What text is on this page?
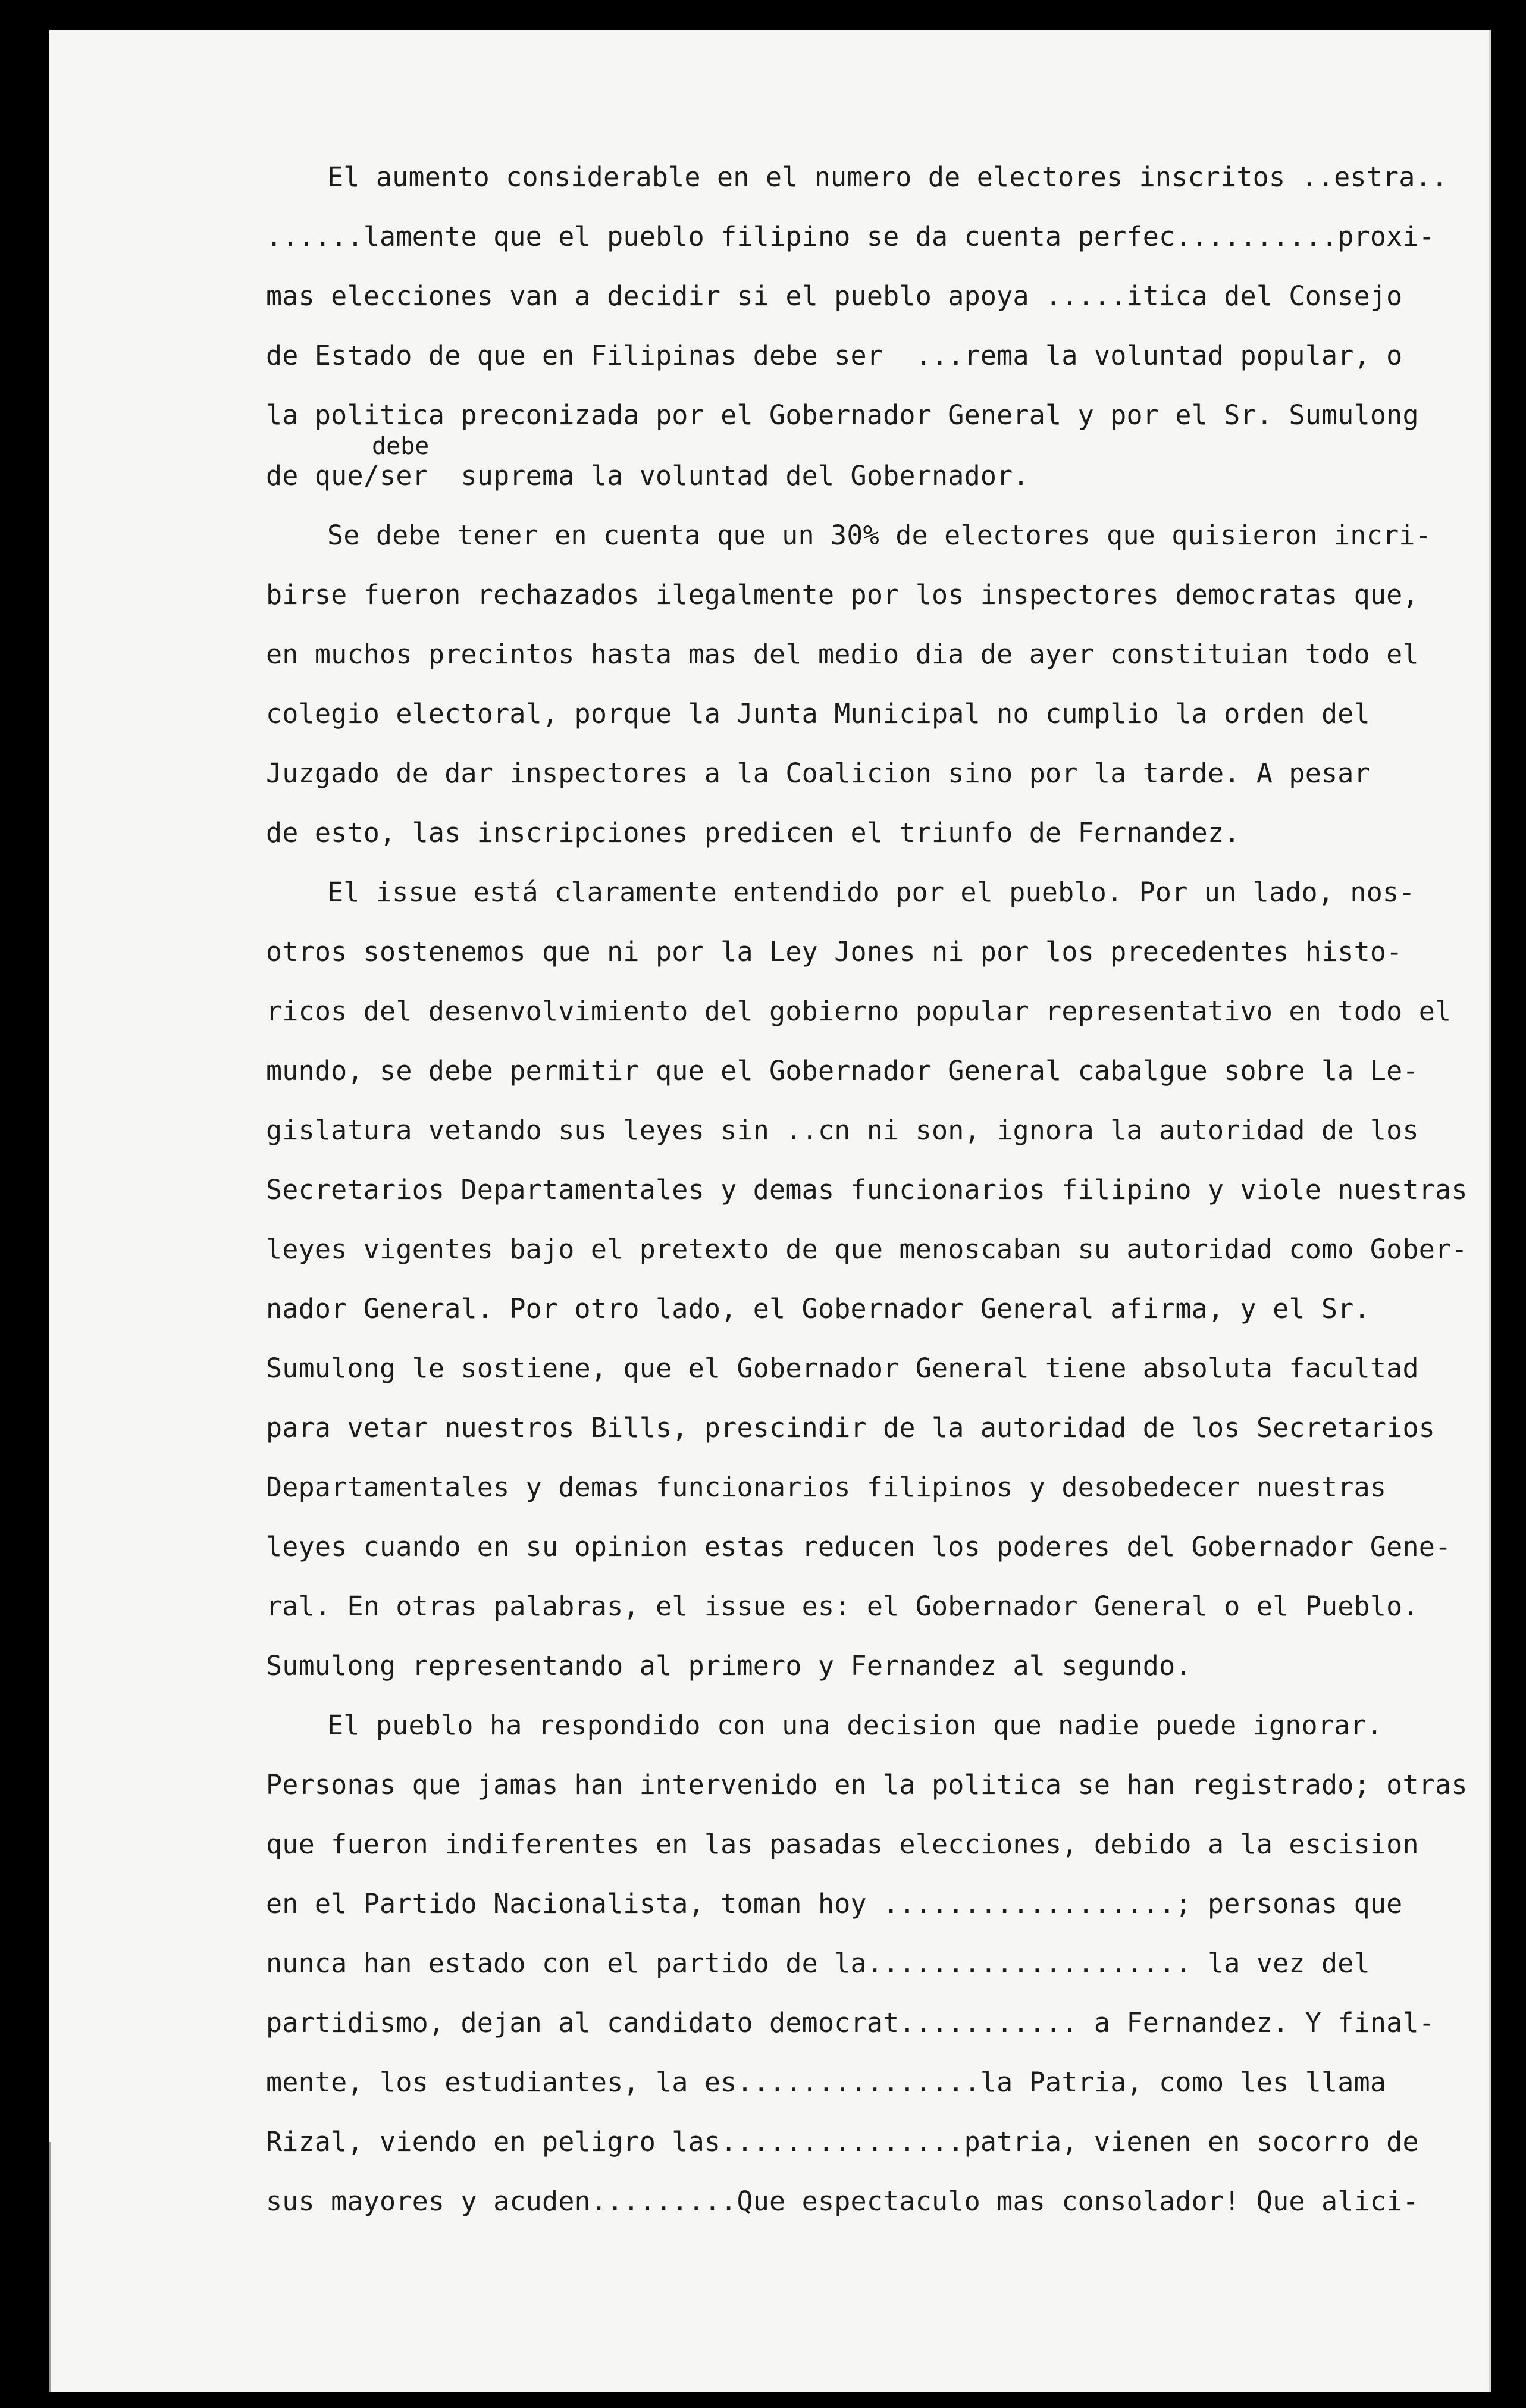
debe
El aumento considerable en el numero de electores inscritos ..estra..
......lamente que el pueblo filipino se da cuenta perfec..........proxi-
mas elecciones van a decidir si el pueblo apoya .....itica del Consejo
de Estado de que en Filipinas debe ser  ...rema la voluntad popular, o
la politica preconizada por el Gobernador General y por el Sr. Sumulong
de que/ser  suprema la voluntad del Gobernador.
Se debe tener en cuenta que un 30% de electores que quisieron incri-
birse fueron rechazados ilegalmente por los inspectores democratas que,
en muchos precintos hasta mas del medio dia de ayer constituian todo el
colegio electoral, porque la Junta Municipal no cumplio la orden del
Juzgado de dar inspectores a la Coalicion sino por la tarde. A pesar
de esto, las inscripciones predicen el triunfo de Fernandez.
El issue está claramente entendido por el pueblo. Por un lado, nos-
otros sostenemos que ni por la Ley Jones ni por los precedentes histo-
ricos del desenvolvimiento del gobierno popular representativo en todo el
mundo, se debe permitir que el Gobernador General cabalgue sobre la Le-
gislatura vetando sus leyes sin ..cn ni son, ignora la autoridad de los
Secretarios Departamentales y demas funcionarios filipino y viole nuestras
leyes vigentes bajo el pretexto de que menoscaban su autoridad como Gober-
nador General. Por otro lado, el Gobernador General afirma, y el Sr.
Sumulong le sostiene, que el Gobernador General tiene absoluta facultad
para vetar nuestros Bills, prescindir de la autoridad de los Secretarios
Departamentales y demas funcionarios filipinos y desobedecer nuestras
leyes cuando en su opinion estas reducen los poderes del Gobernador Gene-
ral. En otras palabras, el issue es: el Gobernador General o el Pueblo.
Sumulong representando al primero y Fernandez al segundo.
El pueblo ha respondido con una decision que nadie puede ignorar.
Personas que jamas han intervenido en la politica se han registrado; otras
que fueron indiferentes en las pasadas elecciones, debido a la escision
en el Partido Nacionalista, toman hoy ..................; personas que
nunca han estado con el partido de la.................... la vez del
partidismo, dejan al candidato democrat........... a Fernandez. Y final-
mente, los estudiantes, la es...............la Patria, como les llama
Rizal, viendo en peligro las...............patria, vienen en socorro de
sus mayores y acuden.........Que espectaculo mas consolador! Que alici-
